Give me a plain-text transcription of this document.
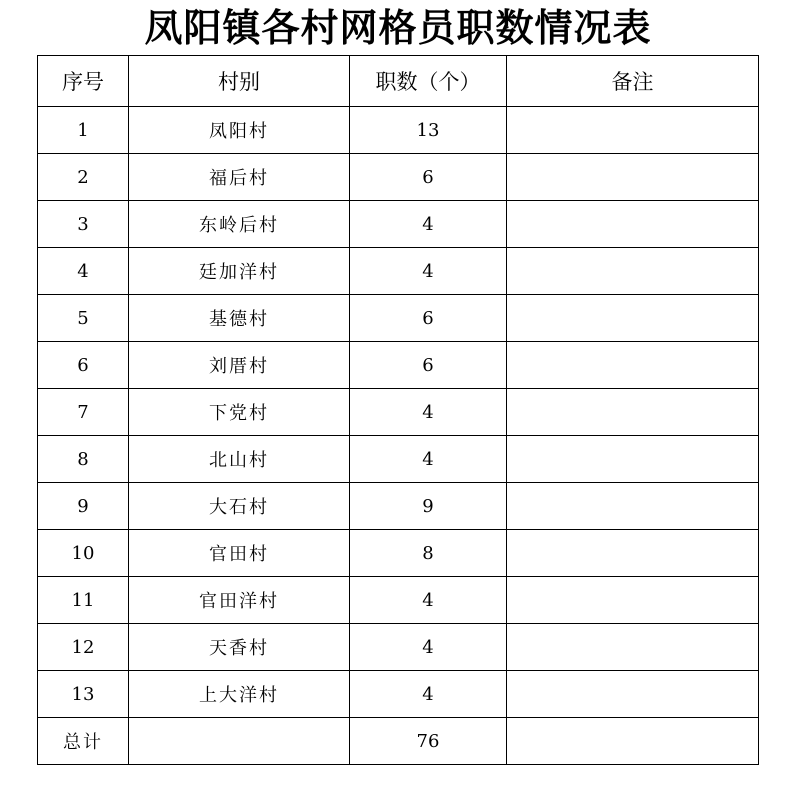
凤阳镇各村网格员职数情况表
序号	村别	职数（个）	备注
1	凤阳村	13	
2	福后村	6	
3	东岭后村	4	
4	廷加洋村	4	
5	基德村	6	
6	刘厝村	6	
7	下党村	4	
8	北山村	4	
9	大石村	9	
10	官田村	8	
11	官田洋村	4	
12	天香村	4	
13	上大洋村	4	
总计		76	
